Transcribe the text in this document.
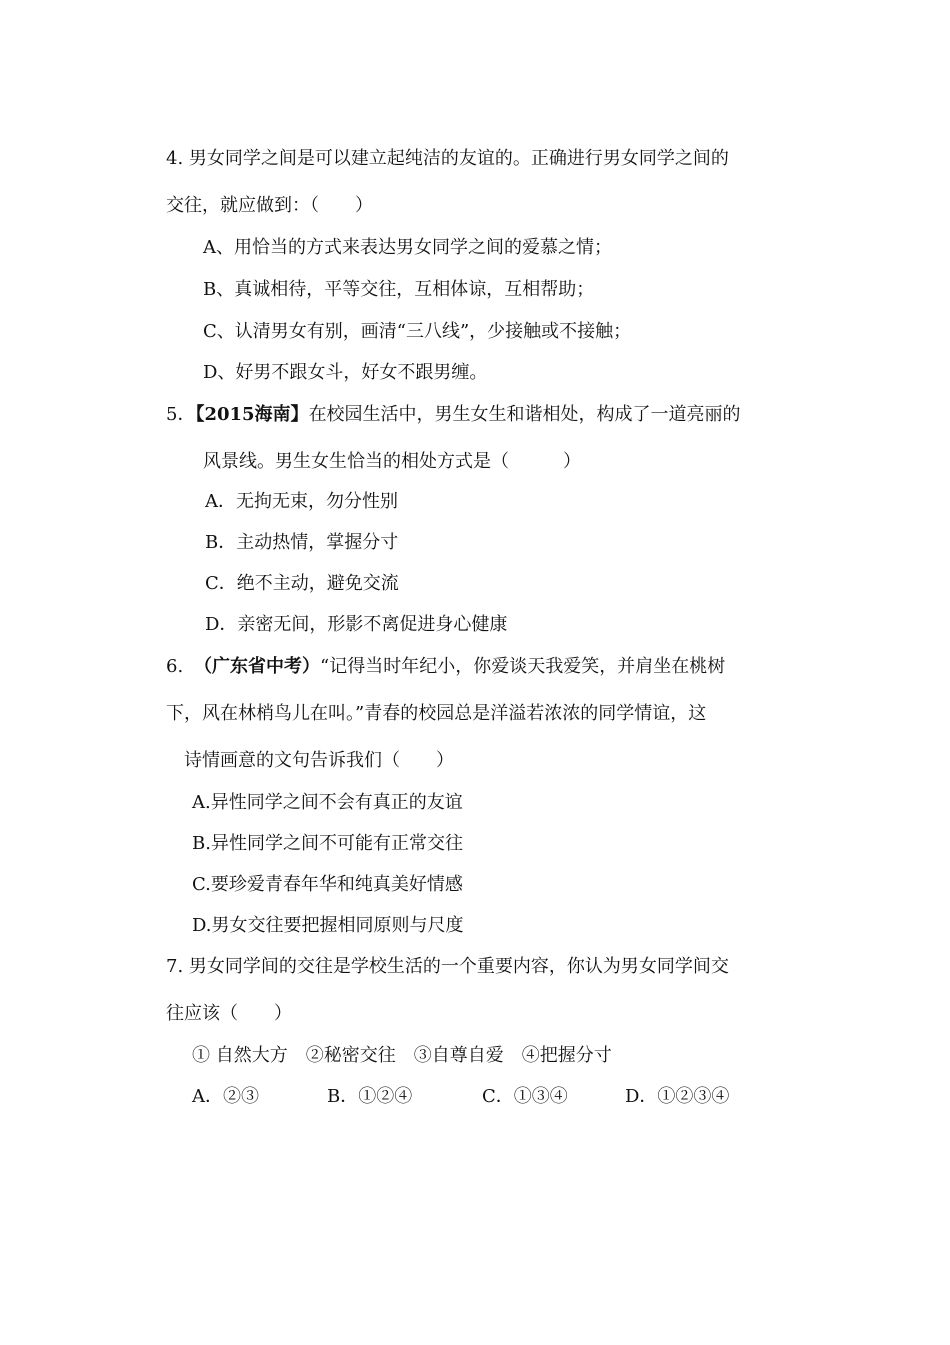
4. 男女同学之间是可以建立起纯洁的友谊的。正确进行男女同学之间的
交往，就应做到：（　　）
A、用恰当的方式来表达男女同学之间的爱慕之情；
B、真诚相待，平等交往，互相体谅，互相帮助；
C、认清男女有别，画清“三八线”，少接触或不接触；
D、好男不跟女斗，好女不跟男缠。
5．【2015海南】在校园生活中，男生女生和谐相处，构成了一道亮丽的
风景线。男生女生恰当的相处方式是（　　　）
A．无拘无束，勿分性别
B．主动热情，掌握分寸
C．绝不主动，避免交流
D．亲密无间，形影不离促进身心健康
6. （广东省中考）“记得当时年纪小，你爱谈天我爱笑，并肩坐在桃树
下，风在林梢鸟儿在叫。”青春的校园总是洋溢若浓浓的同学情谊，这
诗情画意的文句告诉我们（　　）
A.异性同学之间不会有真正的友谊
B.异性同学之间不可能有正常交往
C.要珍爱青春年华和纯真美好情感
D.男女交往要把握相同原则与尺度
7. 男女同学间的交往是学校生活的一个重要内容，你认为男女同学间交
往应该（　　）
① 自然大方　②秘密交往　③自尊自爱　④把握分寸
A．②③	B．①②④	C．①③④	D．①②③④
